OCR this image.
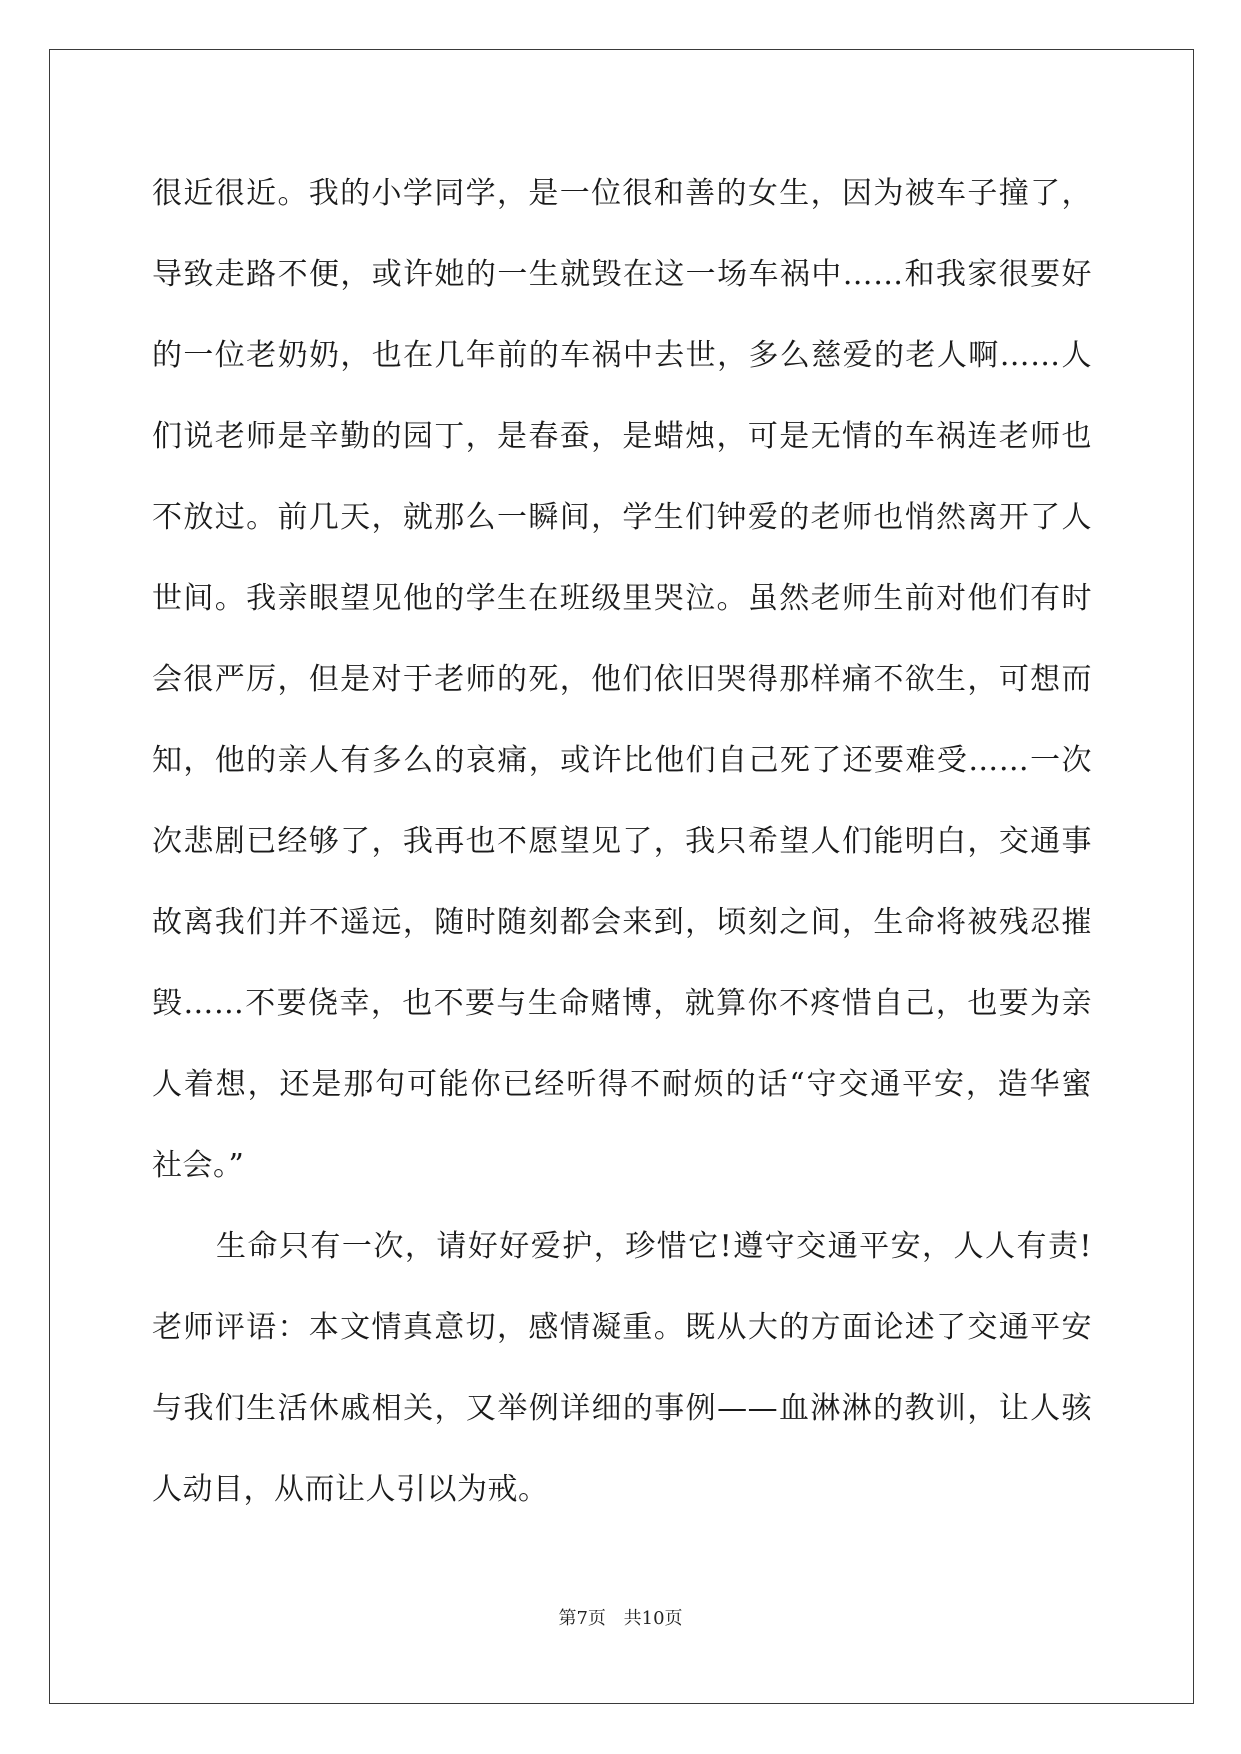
很近很近。我的小学同学，是一位很和善的女生，因为被车子撞了，
导致走路不便，或许她的一生就毁在这一场车祸中……和我家很要好
的一位老奶奶，也在几年前的车祸中去世，多么慈爱的老人啊……人
们说老师是辛勤的园丁，是春蚕，是蜡烛，可是无情的车祸连老师也
不放过。前几天，就那么一瞬间，学生们钟爱的老师也悄然离开了人
世间。我亲眼望见他的学生在班级里哭泣。虽然老师生前对他们有时
会很严厉，但是对于老师的死，他们依旧哭得那样痛不欲生，可想而
知，他的亲人有多么的哀痛，或许比他们自己死了还要难受……一次
次悲剧已经够了，我再也不愿望见了，我只希望人们能明白，交通事
故离我们并不遥远，随时随刻都会来到，顷刻之间，生命将被残忍摧
毁……不要侥幸，也不要与生命赌博，就算你不疼惜自己，也要为亲
人着想，还是那句可能你已经听得不耐烦的话“守交通平安，造华蜜
社会。”
生命只有一次，请好好爱护，珍惜它!遵守交通平安，人人有责!
老师评语：本文情真意切，感情凝重。既从大的方面论述了交通平安
与我们生活休戚相关，又举例详细的事例——血淋淋的教训，让人骇
人动目，从而让人引以为戒。
第7页 共10页
